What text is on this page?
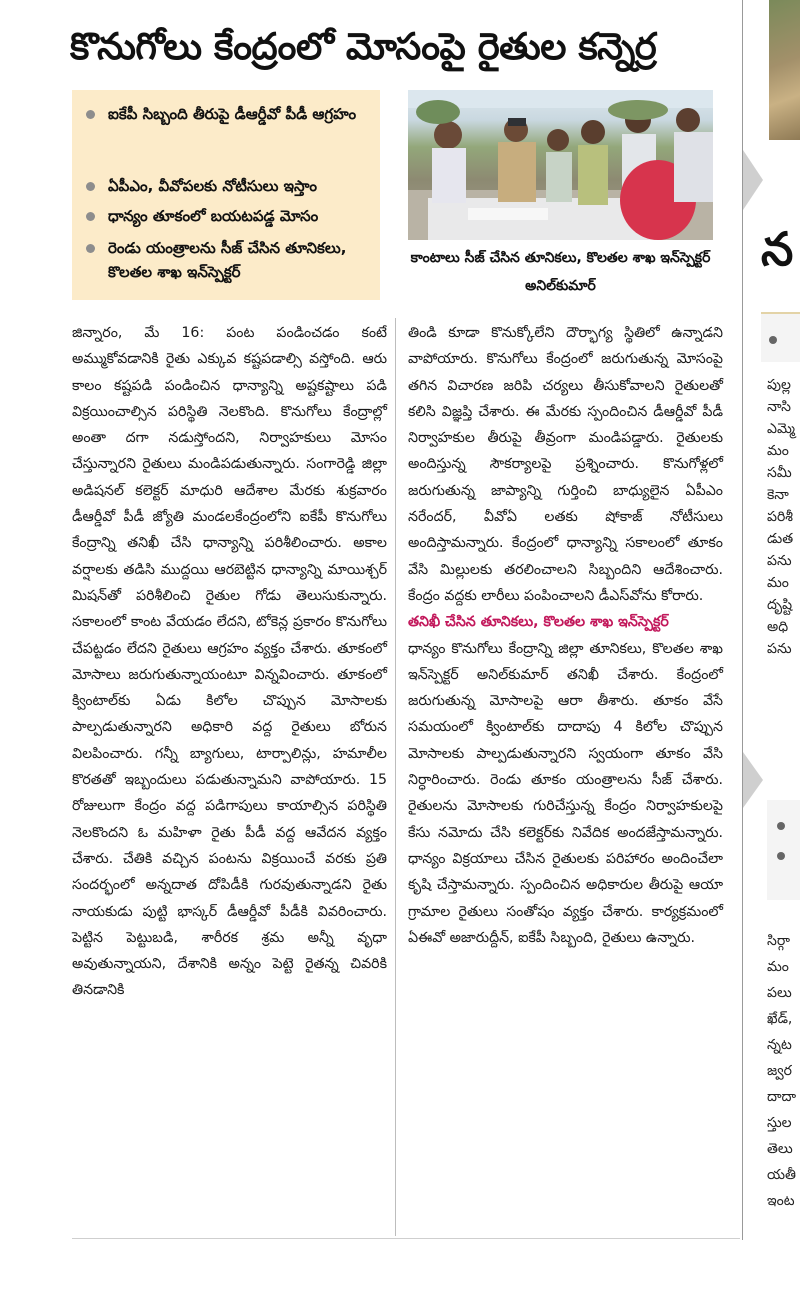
కొనుగోలు కేంద్రంలో మోసంపై రైతుల కన్నెర్ర
ఐకేపీ సిబ్బంది తీరుపై డీఆర్డీవో పీడీ ఆగ్రహం
ఏపీఎం, వీవోపలకు నోటీసులు ఇస్తాం
ధాన్యం తూకంలో బయటపడ్డ మోసం
రెండు యంత్రాలను సీజ్ చేసిన తూనికలు, కొలతల శాఖ ఇన్‌స్పెక్టర్
కాంటాలు సీజ్ చేసిన తూనికలు, కొలతల శాఖ ఇన్‌స్పెక్టర్ అనిల్‌కుమార్
జిన్నారం, మే 16: పంట పండించడం కంటే అమ్ముకోవడానికి రైతు ఎక్కువ కష్టపడాల్సి వస్తోంది. ఆరు కాలం కష్టపడి పండించిన ధాన్యాన్ని అష్టకష్టాలు పడి విక్రయించాల్సిన పరిస్థితి నెలకొంది. కొనుగోలు కేంద్రాల్లో అంతా దగా నడుస్తోందని, నిర్వాహకులు మోసం చేస్తున్నారని రైతులు మండిపడుతున్నారు. సంగారెడ్డి జిల్లా అడిషనల్ కలెక్టర్ మాధురి ఆదేశాల మేరకు శుక్రవారం డీఆర్డీవో పీడీ జ్యోతి మండలకేంద్రంలోని ఐకేపీ కొనుగోలు కేంద్రాన్ని తనిఖీ చేసి ధాన్యాన్ని పరిశీలించారు. అకాల వర్షాలకు తడిసి ముద్దయి ఆరబెట్టిన ధాన్యాన్ని మాయిశ్చర్ మిషన్‌తో పరిశీలించి రైతుల గోడు తెలుసుకున్నారు. సకాలంలో కాంట వేయడం లేదని, టోకెన్ల ప్రకారం కొనుగోలు చేపట్టడం లేదని రైతులు ఆగ్రహం వ్యక్తం చేశారు. తూకంలో మోసాలు జరుగుతున్నాయంటూ విన్నవించారు. తూకంలో క్వింటాల్‌కు ఏడు కిలోల చొప్పున మోసాలకు పాల్పడుతున్నారని అధికారి వద్ద రైతులు బోరున విలపించారు. గన్నీ బ్యాగులు, టార్పాలిన్లు, హమాలీల కొరతతో ఇబ్బందులు పడుతున్నామని వాపోయారు. 15 రోజులుగా కేంద్రం వద్ద పడిగాపులు కాయాల్సిన పరిస్థితి నెలకొందని ఓ మహిళా రైతు పీడీ వద్ద ఆవేదన వ్యక్తం చేశారు. చేతికి వచ్చిన పంటను విక్రయించే వరకు ప్రతి సందర్భంలో అన్నదాత దోపిడీకి గురవుతున్నాడని రైతు నాయకుడు పుట్టి భాస్కర్ డీఆర్డీవో పీడీకి వివరించారు. పెట్టిన పెట్టుబడి, శారీరక శ్రమ అన్నీ వృధా అవుతున్నాయని, దేశానికి అన్నం పెట్టె రైతన్న చివరికి తినడానికి
తిండి కూడా కొనుక్కోలేని దౌర్భాగ్య స్థితిలో ఉన్నాడని వాపోయారు. కొనుగోలు కేంద్రంలో జరుగుతున్న మోసంపై తగిన విచారణ జరిపి చర్యలు తీసుకోవాలని రైతులతో కలిసి విజ్ఞప్తి చేశారు. ఈ మేరకు స్పందించిన డీఆర్డీవో పీడీ నిర్వాహకుల తీరుపై తీవ్రంగా మండిపడ్డారు. రైతులకు అందిస్తున్న సౌకర్యాలపై ప్రశ్నించారు. కొనుగోళ్లలో జరుగుతున్న జాప్యాన్ని గుర్తించి బాధ్యులైన ఏపీఎం నరేందర్, వీవోఏ లతకు షోకాజ్ నోటీసులు అందిస్తామన్నారు. కేంద్రంలో ధాన్యాన్ని సకాలంలో తూకం వేసి మిల్లులకు తరలించాలని సిబ్బందిని ఆదేశించారు. కేంద్రం వద్దకు లారీలు పంపించాలని డీఎస్‌వోను కోరారు.
తనిఖీ చేసిన తూనికలు, కొలతల శాఖ ఇన్‌స్పెక్టర్
ధాన్యం కొనుగోలు కేంద్రాన్ని జిల్లా తూనికలు, కొలతల శాఖ ఇన్‌స్పెక్టర్ అనిల్‌కుమార్ తనిఖీ చేశారు. కేంద్రంలో జరుగుతున్న మోసాలపై ఆరా తీశారు. తూకం వేసే సమయంలో క్వింటాల్‌కు దాదాపు 4 కిలోల చొప్పున మోసాలకు పాల్పడుతున్నారని స్వయంగా తూకం వేసి నిర్ధారించారు. రెండు తూకం యంత్రాలను సీజ్ చేశారు. రైతులను మోసాలకు గురిచేస్తున్న కేంద్రం నిర్వాహకులపై కేసు నమోదు చేసి కలెక్టర్‌కు నివేదిక అందజేస్తామన్నారు. ధాన్యం విక్రయాలు చేసిన రైతులకు పరిహారం అందించేలా కృషి చేస్తామన్నారు. స్పందించిన అధికారుల తీరుపై ఆయా గ్రామాల రైతులు సంతోషం వ్యక్తం చేశారు. కార్యక్రమంలో ఏఈవో అజారుద్దీన్, ఐకేపీ సిబ్బంది, రైతులు ఉన్నారు.
న
పుల్ల
నాసి
ఎమ్మె
మం
సమీ
కెనా
పరిశీ
డుత
పను
మం
దృష్టి
అధి
పను
సిర్గా
మం
పలు
ఖేడ్,
న్నట
జ్వర
దాదా
స్తుల
తెలు
యతీ
ఇంట
